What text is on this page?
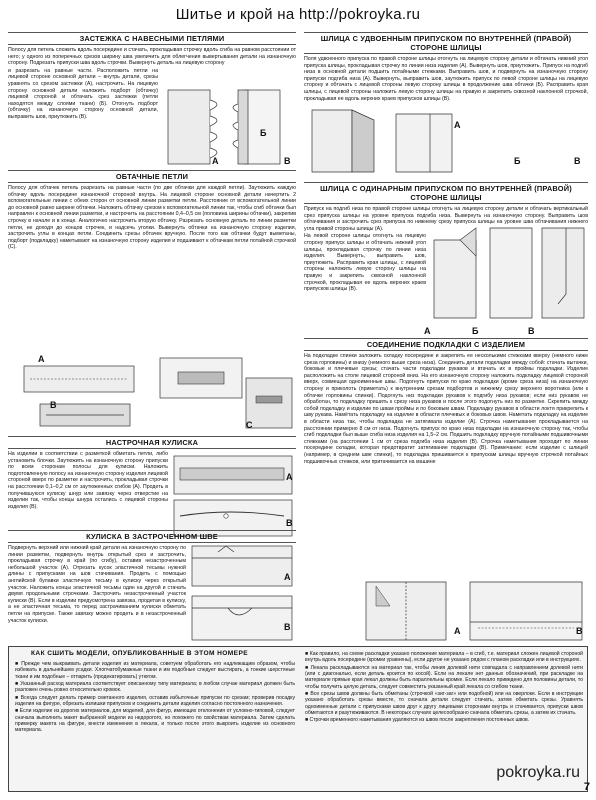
Шитье и крой на http://pokroyka.ru
ЗАСТЕЖКА С НАВЕСНЫМИ ПЕТЛЯМИ
Полосу для петель сложить вдоль посередине и стачать, прокладывая строчку вдоль сгиба на равном расстоянии от него; у одного из поперечных срезов ширину шва увеличить для облегчения вывертывания детали на изнаночную сторону. Подрезать припуски шва вдоль строчки. Вывернуть деталь на лицевую сторону
и разрезать на равные части. Расположить петли на лицевой стороне основной детали – внутрь детали, срезы уравнять со срезом застежки (А), настрочить. На лицевую сторону основной детали наложить подборт (обтачку) лицевой стороной и обтачать срез застежки (петли находятся между слоями ткани) (Б). Отогнуть подборт (обтачку) на изнаночную сторону основной детали, выправить шов, приутюжить (В).
А
Б
В
ОБТАЧНЫЕ ПЕТЛИ
Полосу для обтачек петель разрезать на равные части (по две обтачки для каждой петли). Заутюжить каждую обтачку вдоль посередине изнаночной стороной внутрь. На лицевой стороне основной детали начертить 2 вспомогательные линии с обеих сторон от основной линии разметки петли. Расстояние от вспомогательной линии до основной равно ширине обтачки. Наложить обтачку срезом к вспомогательной линии так, чтобы сгиб обтачки был направлен к основной линии разметки, и настрочить на расстоянии 0,4–0,5 см (половина ширины обтачки), закрепив строчку в начале и в конце. Аналогично настрочить вторую обтачку. Разрезать основную деталь по линии разметки петли, не доходя до концов строчек, и надсечь уголки. Вывернуть обтачки на изнаночную сторону изделия, застрочить углы в концах петли. Соединить срезы обтачек вручную. После того как обтачки будут выметаны, подборт (подкладку) наметывают на изнаночную сторону изделия и подшивают к обтачкам петли потайной строчкой (С).
А
В
С
НАСТРОЧНАЯ КУЛИСКА
На изделии в соответствии с разметкой обметать петли, либо установить блочки. Заутюжить на изнаночную сторону припуски по всем сторонам полосы для кулиски. Наложить подготовленную полосу на изнаночную сторону изделия лицевой стороной вверх по разметке и настрочить, прокладывая строчки на расстоянии 0,1–0,2 см от заутюженных сгибов (А). Продеть в получившуюся кулиску шнур или завязку через отверстие на изделии так, чтобы концы шнура остались с лицевой стороны изделия (В).
А
В
КУЛИСКА В ЗАСТРОЧЕННОМ ШВЕ
Подвернуть верхний или нижний край детали на изнаночную сторону по линии разметки, подвернуть внутрь открытый срез и застрочить, прокладывая строчку в край (по сгибу), оставив незастроченным небольшой участок (А). Отрезать кусок эластичной тесьмы нужной длины с припусками на шов стачивания. Продеть с помощью английской булавки эластичную тесьму в кулиску через открытый участок. Наложить концы эластичной тесьмы один на другой и стачать двумя продольными строчками. Застрочить незастроченный участок кулиски (В). Если в изделии предусмотрена завязка, продетая в кулиску, а не эластичная тесьма, то перед застрачиванием кулиски обметать петли на припуске. Также завязку можно продеть и в незастроченный участок кулиски.
А
В
ШЛИЦА С УДВОЕННЫМ ПРИПУСКОМ ПО ВНУТРЕННЕЙ (ПРАВОЙ) СТОРОНЕ ШЛИЦЫ
Поля удвоенного припуска по правой стороне шлицы отогнуть на лицевую сторону детали и обтачать нижний угол припуска шлицы, прокладывая строчку по линии низа изделия (А). Вывернуть шов, приутюжить. Припуск на подгиб низа в основной детали подшить потайными стежками. Выправить шов, и подвернуть на изнаночную сторону припуски подгиба низа (А). Вывернуть, выправить шов, заутюжить припуск по левой стороне шлицы на лицевую сторону и обтачать с лицевой стороны левую сторону шлицы в продолжение шва обтачки (Б). Расправить края шлицы, с лицевой стороны наложить левую сторону шлицы на правую и закрепить сквозной наклонной строчкой, прокладывая ее вдоль верхних краев припусков шлицы (В).
А
Б	В
ШЛИЦА С ОДИНАРНЫМ ПРИПУСКОМ ПО ВНУТРЕННЕЙ (ПРАВОЙ) СТОРОНЕ ШЛИЦЫ
Припуск на подгиб низа по правой стороне шлицы отогнуть на лицевую сторону детали и обтачать вертикальный срез припуска шлицы на уровне припуска подгиба низа. Вывернуть на изнаночную сторону. Выправить шов обтачивания и застрочить срез припуска по нижнему срезу припуска шлицы на уровне шва обтачивания нижнего угла правой стороны шлицы (А).
На левой стороне шлицы отогнуть на лицевую сторону припуск шлицы и обтачать нижний угол шлицы, прокладывая строчку по линии низа изделия. Вывернуть, выправить шов, приутюжить. Расправить края шлицы, с лицевой стороны наложить левую сторону шлицы на правую и закрепить сквозной наклонной строчкой, прокладывая ее вдоль верхних краев припусков шлицы (В).
А	Б	В
СОЕДИНЕНИЕ ПОДКЛАДКИ С ИЗДЕЛИЕМ
На подкладке спинки заложить складку посередине и закрепить ее несколькими стежками вверху (немного ниже среза горловины) и внизу (немного выше среза низа). Соединить детали подкладки между собой: стачать вытачки, боковые и плечевые срезы; стачать части подкладки рукавов и втачать их в проймы подкладки. Изделие расположить на столе лицевой стороной вниз. На его изнаночную сторону наложить подкладку лицевой стороной вверх, совмещая одноименные швы. Подогнуть припуски по краю подкладки (кроме среза низа) на изнаночную сторону и приколоть (приметать) к внутренним срезам подбортов и нижнему срезу верхнего воротника (или к обтачке горловины спинки). Подогнуть низ подкладки рукавов к подгибу низа рукавов; если низ рукавов не обработан, то подкладку пришить к срезу низа рукавов и после этого подогнуть низ по разметке. Скрепить между собой подкладку и изделие по швам проймы и по боковым швам. Подкладку рукавов в области локтя прикрепить к шву рукава. Намётать подкладку на изделие в области плечевых и боковых швов. Наметать подкладку на изделие в области низа так, чтобы подкладка не затягивала изделие (А). Строчка наметывания прокладывается на расстоянии примерно 8 см от низа. Подогнуть припуск по краю низа подкладки на изнаночную сторону так, чтобы сгиб подкладки был выше сгиба низа изделия на 1,5–2 см. Подшить подкладку вручную потайными подшивочными стежками (на расстоянии 1 см от среза подгиба низа изделия (В). Строчка наметывания проходит по линии посередине складки, которая предотвратит затягивание подкладки (В). Примечание: если изделие с шлицей (например, в среднем шве спинки), то подкладка пришивается к припускам шлицы вручную строчкой потайных подшивочных стежков, или притачивается на машине
А	В
КАК СШИТЬ МОДЕЛИ, ОПУБЛИКОВАННЫЕ В ЭТОМ НОМЕРЕ
■ Прежде чем выкраивать детали изделия из материала, советуем обработать его надлежащим образом, чтобы избежать в дальнейшем усадки. Хлопчатобумажные ткани и им подобные следует выстирать, а тонкие шерстяные ткани и им подобные – отпарить (продекатировать) утюгом.
■ Указанный расход материала соответствует описанному типу материала; в любом случае материал должен быть разложен очень ровно относительно кромок.
■ Всегда следует делать пример сметанного изделия, оставив избыточные припуски по срезам; проверив посадку изделия на фигуре, обрезать излишки припусков и соединить детали изделия согласно постоянного назначения.
■ Если изделие из дорогих материалов, для моделей, для фигур, имеющих отклонения от условно-типовой, следует сначала выполнить макет выбранной модели из недорогого, но похожего по свойствам материала. Затем сделать примерку макета на фигуре, внести изменения в лекала, и только после этого выкроить изделие из основного материала.
■ Как правило, на схеме раскладки указано положение материала – в сгиб, т.е. материал сложен лицевой стороной внутрь вдоль посередине (кромки уравнены), если другое не указано рядом с планом раскладки или в инструкциях.
■ Лекала раскладываются на материал так, чтобы линия долевой нити совпадала с направлением долевой нити (или с диагональю, если деталь кроится по косой). Если на лекале нет данных обозначений, при раскладке на материале прямые края лекал должны быть параллельны кромке. Если лекало приведено для половины детали, то чтобы получить целую деталь, следует совместить указанный край лекала со сгибом ткани.
■ Все срезы швов должны быть обметаны (строчкой «зиг-заг» или подобной) или на оверлоке. Если в инструкции указано обработать срезы вместе, то сначала детали следует стачать, затем обметать срезы. Уравнять одноименные детали с припусками швов друг к другу лицевыми сторонами внутрь и стачивается, припуски швов обметаются и разутюживаются. В некоторых случаях целесообразно сначала обметать срезы, а затем их стачать.
■ Строчки временного наметывания удаляются из швов после закрепления постоянных швов.
pokroyka.ru
7
